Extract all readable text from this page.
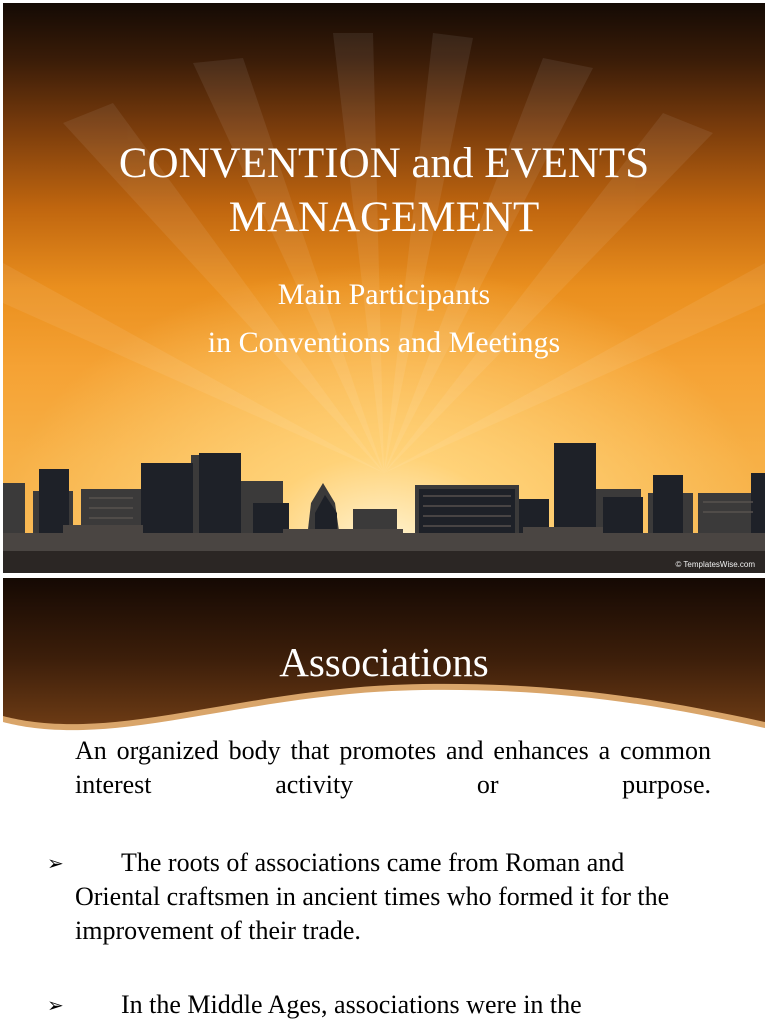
CONVENTION and EVENTS
MANAGEMENT
Main Participants
in Conventions and Meetings
© TemplatesWise.com
Associations
An organized body that promotes and enhances a common interest activity or purpose.
➢ The roots of associations came from Roman and Oriental craftsmen in ancient times who formed it for the improvement of their trade.
➢ In the Middle Ages, associations were in the
